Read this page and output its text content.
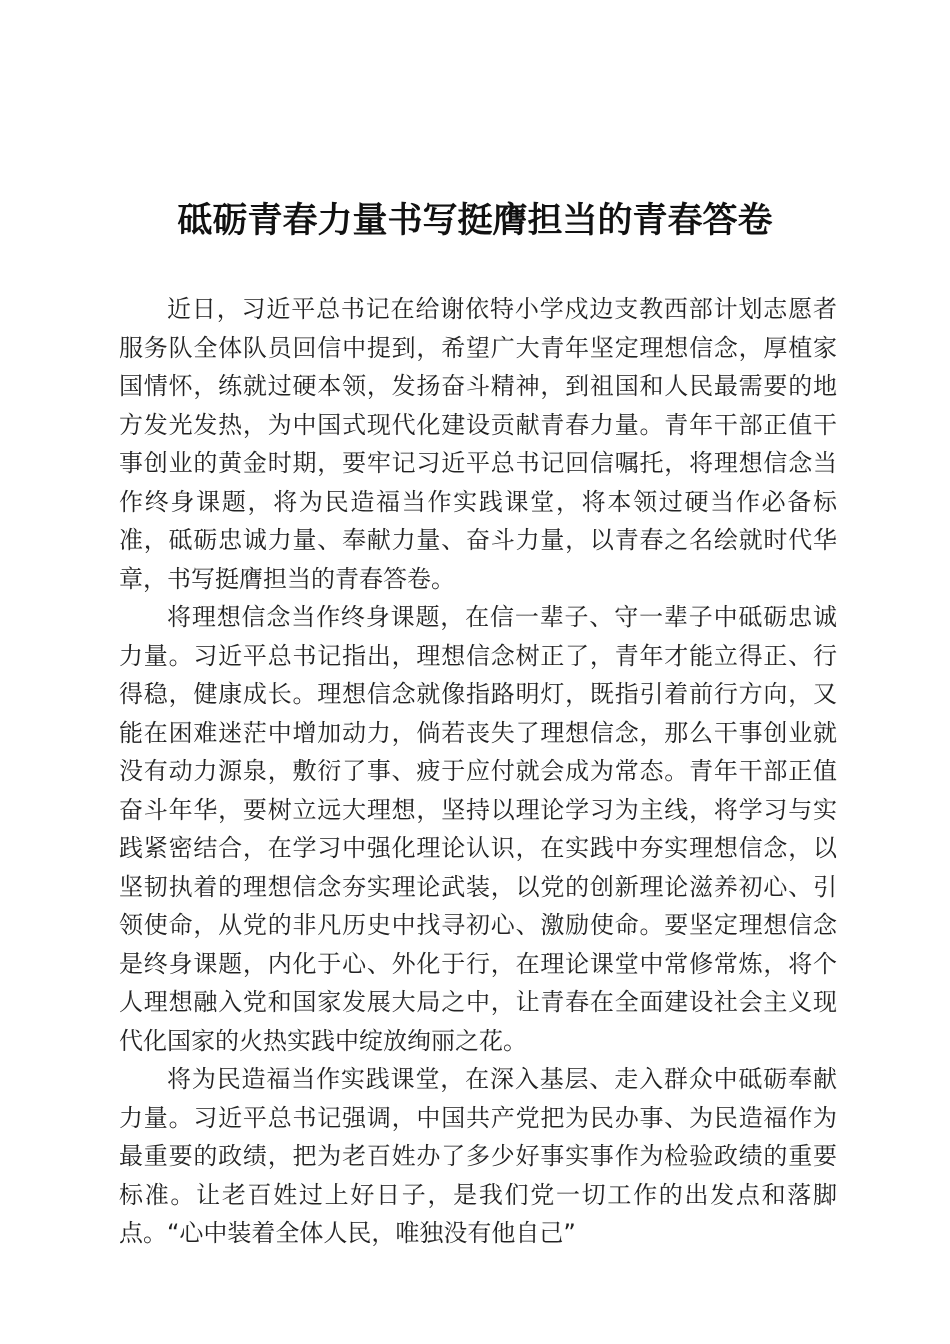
砥砺青春力量书写挺膺担当的青春答卷

近日，习近平总书记在给谢依特小学戍边支教西部计划志愿者服务队全体队员回信中提到，希望广大青年坚定理想信念，厚植家国情怀，练就过硬本领，发扬奋斗精神，到祖国和人民最需要的地方发光发热，为中国式现代化建设贡献青春力量。青年干部正值干事创业的黄金时期，要牢记习近平总书记回信嘱托，将理想信念当作终身课题，将为民造福当作实践课堂，将本领过硬当作必备标准，砥砺忠诚力量、奉献力量、奋斗力量，以青春之名绘就时代华章，书写挺膺担当的青春答卷。

将理想信念当作终身课题，在信一辈子、守一辈子中砥砺忠诚力量。习近平总书记指出，理想信念树正了，青年才能立得正、行得稳，健康成长。理想信念就像指路明灯，既指引着前行方向，又能在困难迷茫中增加动力，倘若丧失了理想信念，那么干事创业就没有动力源泉，敷衍了事、疲于应付就会成为常态。青年干部正值奋斗年华，要树立远大理想，坚持以理论学习为主线，将学习与实践紧密结合，在学习中强化理论认识，在实践中夯实理想信念，以坚韧执着的理想信念夯实理论武装，以党的创新理论滋养初心、引领使命，从党的非凡历史中找寻初心、激励使命。要坚定理想信念是终身课题，内化于心、外化于行，在理论课堂中常修常炼，将个人理想融入党和国家发展大局之中，让青春在全面建设社会主义现代化国家的火热实践中绽放绚丽之花。

将为民造福当作实践课堂，在深入基层、走入群众中砥砺奉献力量。习近平总书记强调，中国共产党把为民办事、为民造福作为最重要的政绩，把为老百姓办了多少好事实事作为检验政绩的重要标准。让老百姓过上好日子，是我们党一切工作的出发点和落脚点。“心中装着全体人民，唯独没有他自己”
